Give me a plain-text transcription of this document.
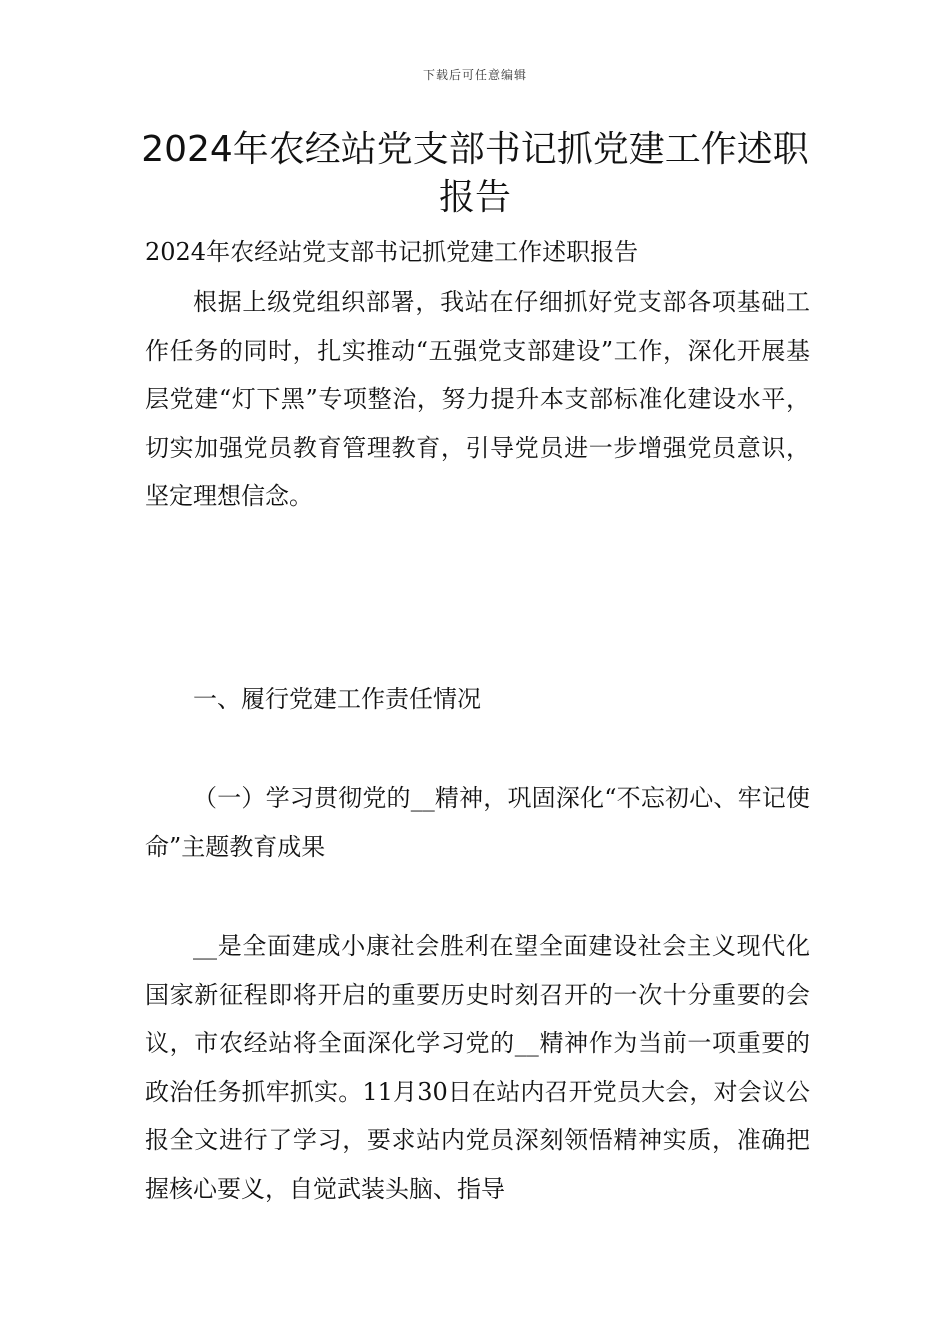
下载后可任意编辑
2024年农经站党支部书记抓党建工作述职
报告

2024年农经站党支部书记抓党建工作述职报告

根据上级党组织部署，我站在仔细抓好党支部各项基础工作任务的同时，扎实推动“五强党支部建设”工作，深化开展基层党建“灯下黑”专项整治，努力提升本支部标准化建设水平，切实加强党员教育管理教育，引导党员进一步增强党员意识，坚定理想信念。

一、履行党建工作责任情况

（一）学习贯彻党的__精神，巩固深化“不忘初心、牢记使命”主题教育成果

__是全面建成小康社会胜利在望全面建设社会主义现代化国家新征程即将开启的重要历史时刻召开的一次十分重要的会议，市农经站将全面深化学习党的__精神作为当前一项重要的政治任务抓牢抓实。11月30日在站内召开党员大会，对会议公报全文进行了学习，要求站内党员深刻领悟精神实质，准确把握核心要义，自觉武装头脑、指导
